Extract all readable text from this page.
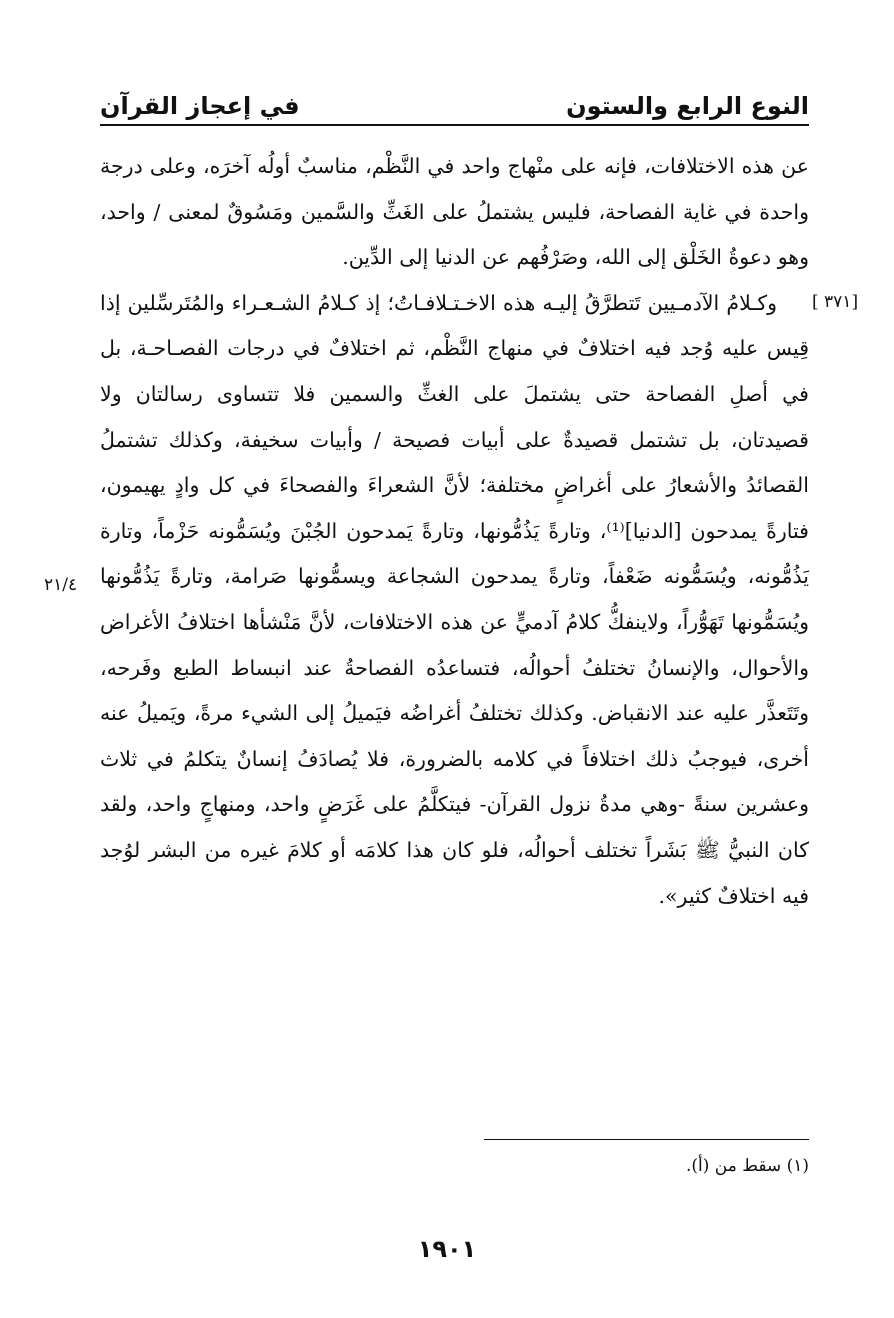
النوع الرابع والستون
في إعجاز القرآن

عن هذه الاختلافات، فإنه على منْهاج واحد في النَّظْم، مناسبٌ أولُه آخرَه، وعلى درجة واحدة في غاية الفصاحة، فليس يشتملُ على الغَثِّ والسَّمين ومَسُوقٌ لمعنى / واحد، وهو دعوةُ الخَلْق إلى الله، وصَرْفُهم عن الدنيا إلى الدِّين.

وكـلامُ الآدمـيين تَتطرَّقُ إليـه هذه الاخـتـلافـاتُ؛ إذ كـلامُ الشـعـراء والمُتَرسِّلين إذا قِيس عليه وُجد فيه اختلافٌ في منهاج النَّظْم، ثم اختلافٌ في درجات الفصـاحـة، بل في أصلِ الفصاحة حتى يشتملَ على الغثِّ والسمين فلا تتساوى رسالتان ولا قصيدتان، بل تشتمل قصيدةٌ على أبيات فصيحة / وأبيات سخيفة، وكذلك تشتملُ القصائدُ والأشعارُ على أغراضٍ مختلفة؛ لأنَّ الشعراءَ والفصحاءَ في كل وادٍ يهيمون، فتارةً يمدحون [الدنيا]⁽¹⁾، وتارةً يَذُمُّونها، وتارةً يَمدحون الجُبْنَ ويُسَمُّونه حَزْماً، وتارة يَذُمُّونه، ويُسَمُّونه ضَعْفاً، وتارةً يمدحون الشجاعة ويسمُّونها صَرامة، وتارةً يَذُمُّونها ويُسَمُّونها تَهَوُّراً، ولاينفكُّ كلامُ آدميٍّ عن هذه الاختلافات، لأنَّ مَنْشأها اختلافُ الأغراض والأحوال، والإنسانُ تختلفُ أحوالُه، فتساعدُه الفصاحةُ عند انبساط الطبع وفَرحه، وتَتَعذَّر عليه عند الانقباض. وكذلك تختلفُ أغراضُه فيَميلُ إلى الشيء مرةً، ويَميلُ عنه أخرى، فيوجبُ ذلك اختلافاً في كلامه بالضرورة، فلا يُصادَفُ إنسانٌ يتكلمُ في ثلاث وعشرين سنةً -وهي مدةُ نزول القرآن- فيتكلَّمُ على غَرَضٍ واحد، ومنهاجٍ واحد، ولقد كان النبيُّ ﷺ بَشَراً تختلف أحوالُه، فلو كان هذا كلامَه أو كلامَ غيره من البشر لوُجد فيه اختلافٌ كثير».

[٣٧١ ]
٢١/٤
(١) سقط من (أ).
١٩٠١
